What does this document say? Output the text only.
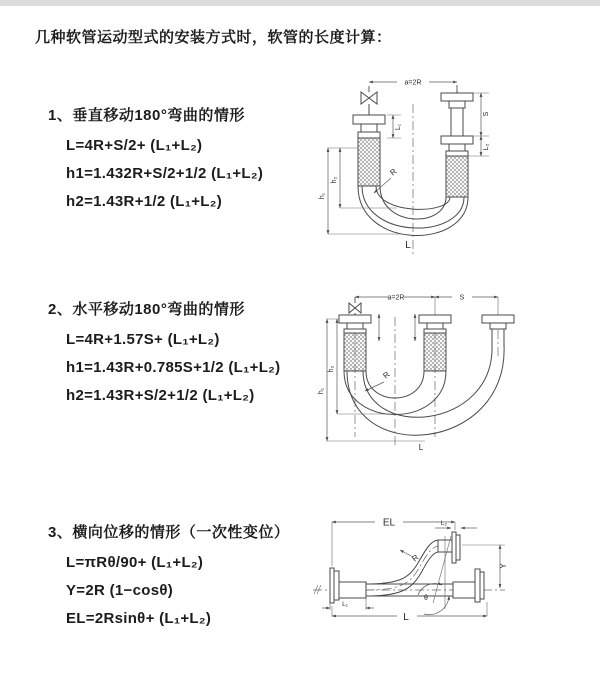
几种软管运动型式的安装方式时，软管的长度计算：
1、垂直移动180°弯曲的情形
L=4R+S/2+ (L₁+L₂)
h1=1.432R+S/2+1/2 (L₁+L₂)
h2=1.43R+1/2 (L₁+L₂)
a=2R
S
L₂
L₁
h₁
h₂
R
L
2、水平移动180°弯曲的情形
L=4R+1.57S+ (L₁+L₂)
h1=1.43R+0.785S+1/2 (L₁+L₂)
h2=1.43R+S/2+1/2 (L₁+L₂)
a=2R	S
h₁
h₂
R
L
3、横向位移的情形（一次性变位）
L=πRθ/90+ (L₁+L₂)
Y=2R (1−cosθ)
EL=2Rsinθ+ (L₁+L₂)
θ
R
EL	L₂
Y
L₁
L
